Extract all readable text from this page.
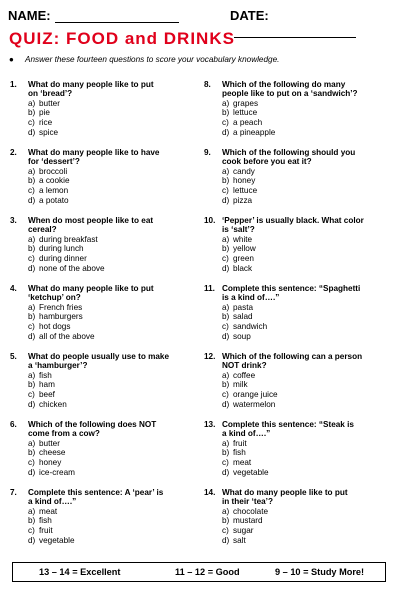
NAME:	DATE:
QUIZ: FOOD and DRINKS
● Answer these fourteen questions to score your vocabulary knowledge.
1. What do many people like to put
on ‘bread’?
a) butter
b) pie
c) rice
d) spice
2. What do many people like to have
for ‘dessert’?
a) broccoli
b) a cookie
c) a lemon
d) a potato
3. When do most people like to eat
cereal?
a) during breakfast
b) during lunch
c) during dinner
d) none of the above
4. What do many people like to put
‘ketchup’ on?
a) French fries
b) hamburgers
c) hot dogs
d) all of the above
5. What do people usually use to make
a ‘hamburger’?
a) fish
b) ham
c) beef
d) chicken
6. Which of the following does NOT
come from a cow?
a) butter
b) cheese
c) honey
d) ice-cream
7. Complete this sentence: A ‘pear’ is
a kind of….”
a) meat
b) fish
c) fruit
d) vegetable
8. Which of the following do many
people like to put on a ‘sandwich’?
a) grapes
b) lettuce
c) a peach
d) a pineapple
9. Which of the following should you
cook before you eat it?
a) candy
b) honey
c) lettuce
d) pizza
10. ‘Pepper’ is usually black. What color
is ‘salt’?
a) white
b) yellow
c) green
d) black
11. Complete this sentence: “Spaghetti
is a kind of….”
a) pasta
b) salad
c) sandwich
d) soup
12. Which of the following can a person
NOT drink?
a) coffee
b) milk
c) orange juice
d) watermelon
13. Complete this sentence: “Steak is
a kind of….”
a) fruit
b) fish
c) meat
d) vegetable
14. What do many people like to put
in their ‘tea’?
a) chocolate
b) mustard
c) sugar
d) salt
13 – 14 = Excellent	11 – 12 = Good	9 – 10 = Study More!
